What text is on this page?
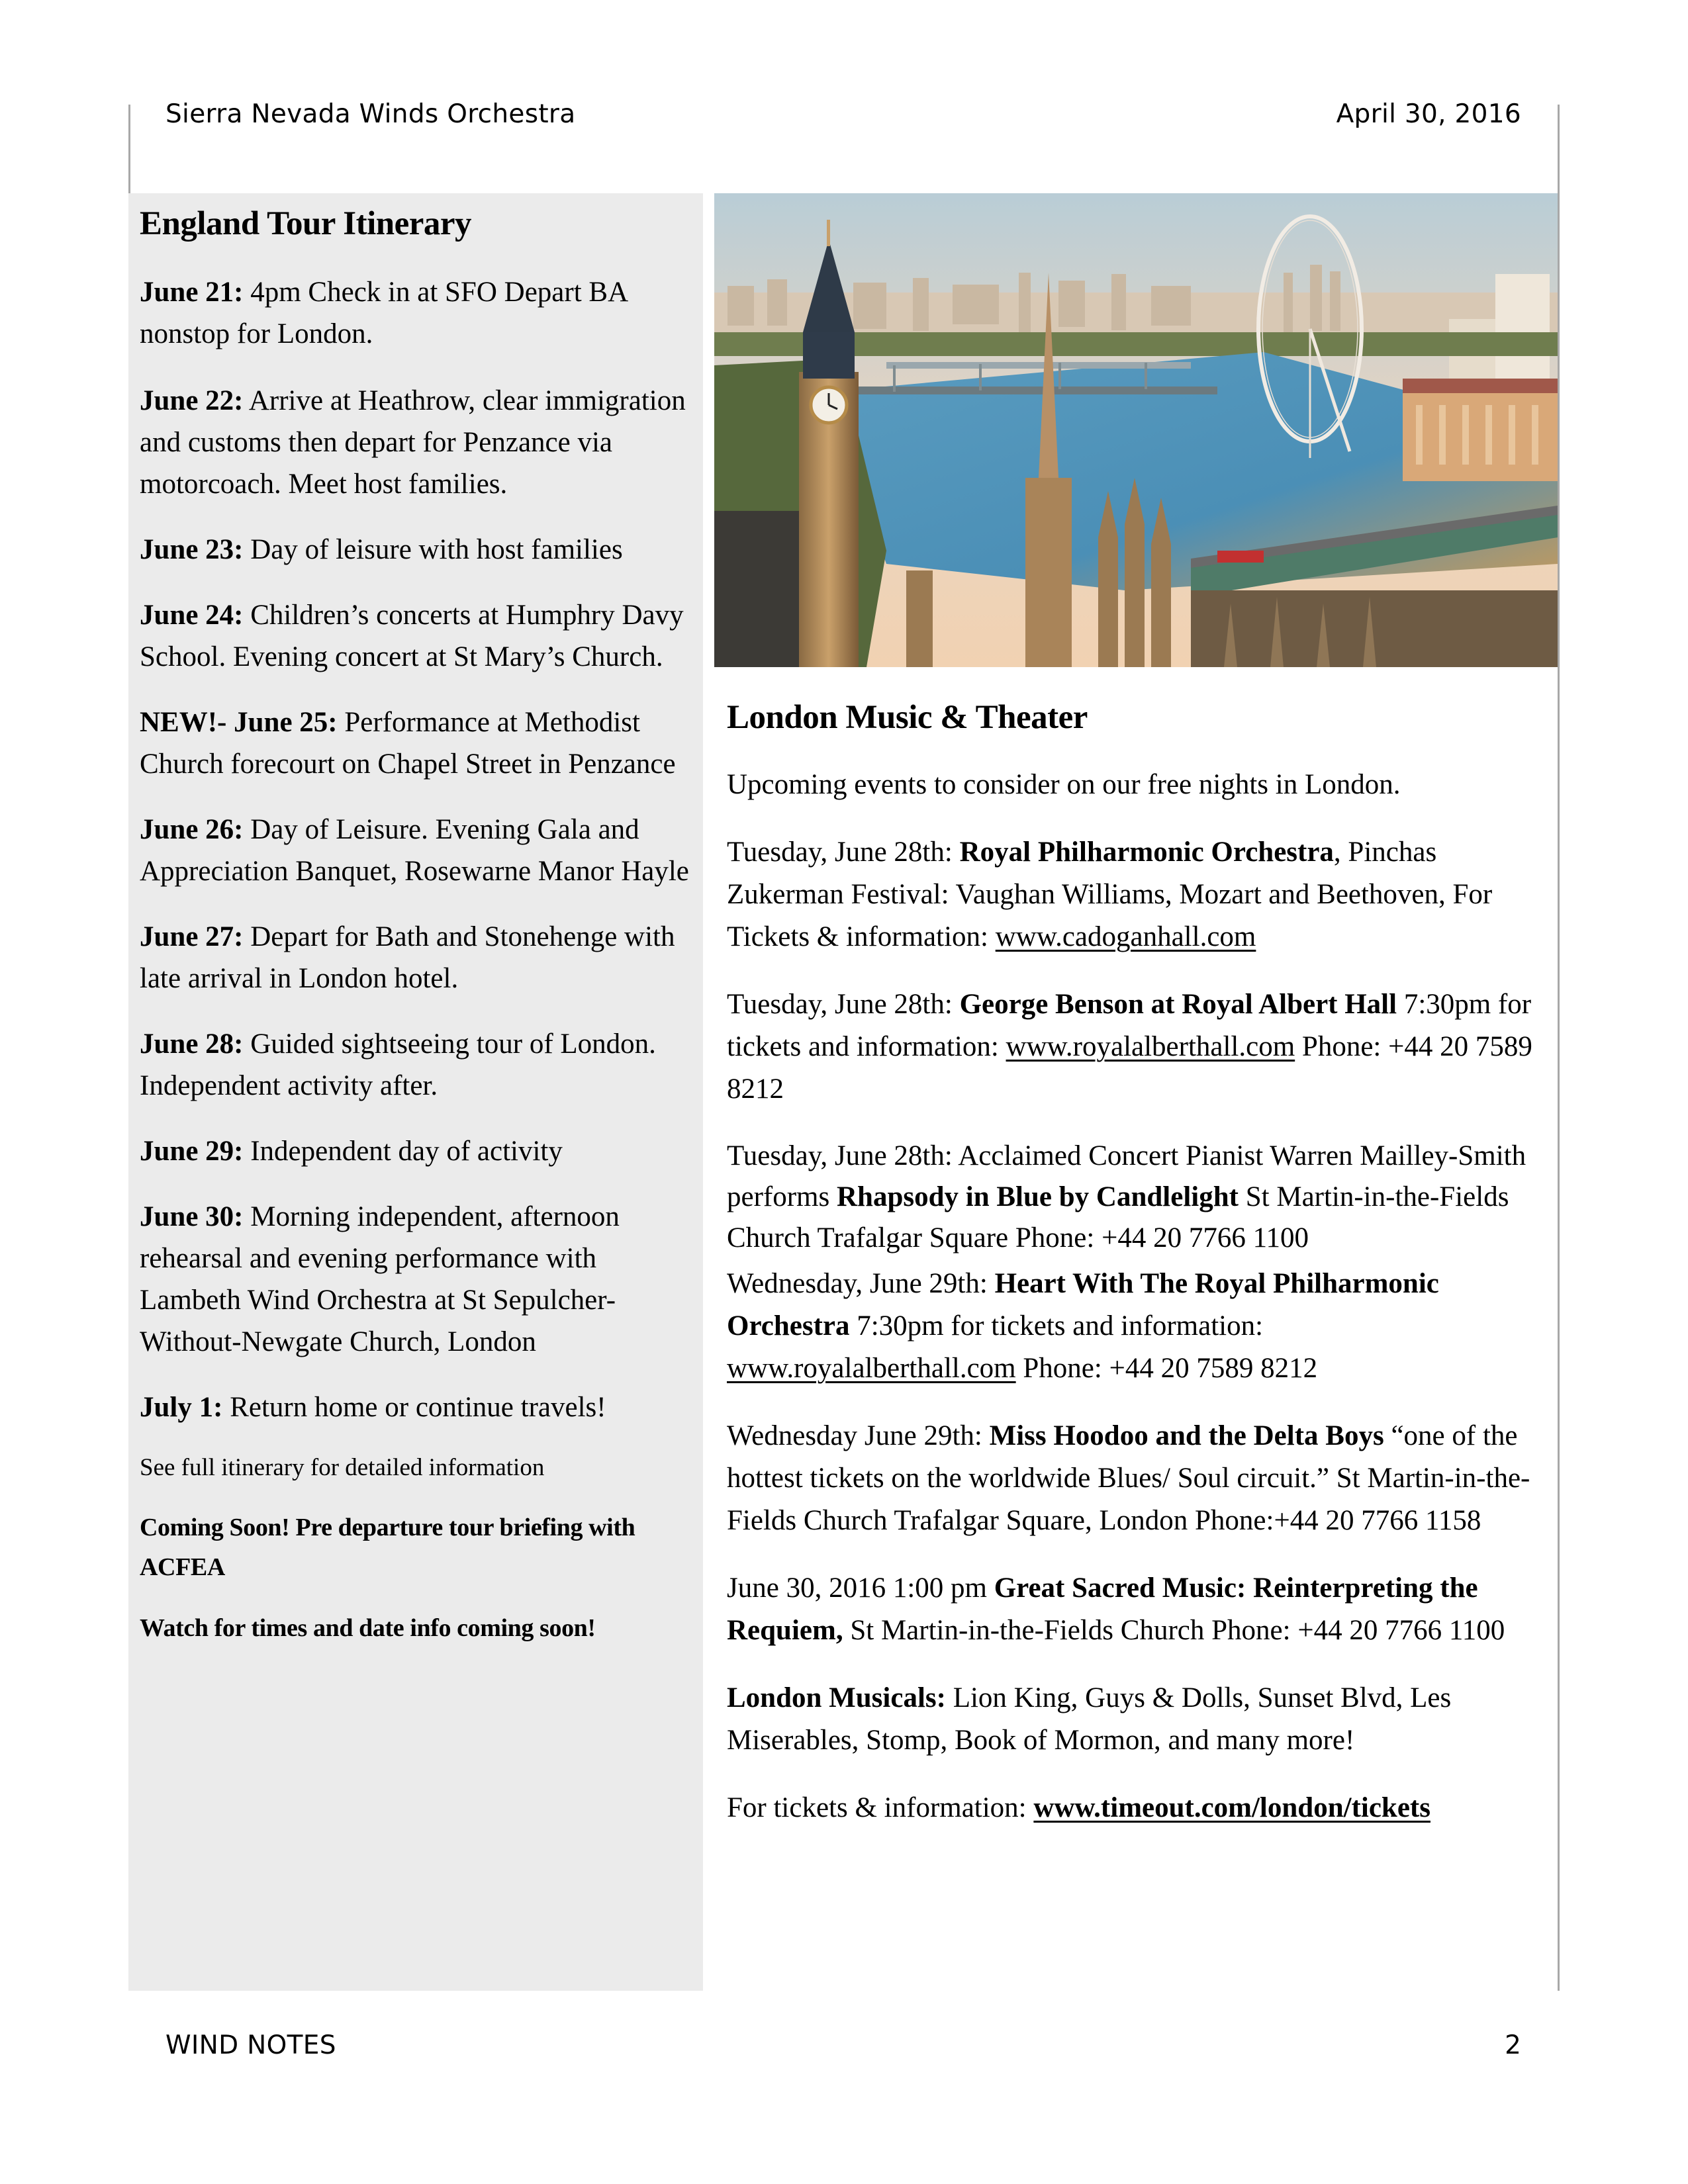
Sierra Nevada Winds Orchestra	April 30, 2016
England Tour Itinerary

June 21: 4pm Check in at SFO Depart BA nonstop for London.

June 22: Arrive at Heathrow, clear immigration and customs then depart for Penzance via motorcoach. Meet host families.

June 23: Day of leisure with host families

June 24: Children’s concerts at Humphry Davy School. Evening concert at St Mary’s Church.

NEW!- June 25: Performance at Methodist Church forecourt on Chapel Street in Penzance

June 26: Day of Leisure. Evening Gala and Appreciation Banquet, Rosewarne Manor Hayle

June 27: Depart for Bath and Stonehenge with late arrival in London hotel.

June 28: Guided sightseeing tour of London. Independent activity after.

June 29: Independent day of activity

June 30: Morning independent, afternoon rehearsal and evening performance with Lambeth Wind Orchestra at St Sepulcher-Without-Newgate Church, London

July 1: Return home or continue travels!

See full itinerary for detailed information

Coming Soon! Pre departure tour briefing with ACFEA

Watch for times and date info coming soon!

London Music & Theater

Upcoming events to consider on our free nights in London.

Tuesday, June 28th: Royal Philharmonic Orchestra, Pinchas Zukerman Festival: Vaughan Williams, Mozart and Beethoven, For Tickets & information: www.cadoganhall.com

Tuesday, June 28th: George Benson at Royal Albert Hall 7:30pm for tickets and information: www.royalalberthall.com Phone: +44 20 7589 8212

Tuesday, June 28th: Acclaimed Concert Pianist Warren Mailley-Smith performs Rhapsody in Blue by Candlelight St Martin-in-the-Fields Church Trafalgar Square Phone: +44 20 7766 1100

Wednesday, June 29th: Heart With The Royal Philharmonic Orchestra 7:30pm for tickets and information: www.royalalberthall.com Phone: +44 20 7589 8212

Wednesday June 29th: Miss Hoodoo and the Delta Boys “one of the hottest tickets on the worldwide Blues/ Soul circuit.” St Martin-in-the-Fields Church Trafalgar Square, London Phone:+44 20 7766 1158

June 30, 2016 1:00 pm Great Sacred Music: Reinterpreting the Requiem, St Martin-in-the-Fields Church Phone: +44 20 7766 1100

London Musicals: Lion King, Guys & Dolls, Sunset Blvd, Les Miserables, Stomp, Book of Mormon, and many more!

For tickets & information: www.timeout.com/london/tickets

WIND NOTES	2
